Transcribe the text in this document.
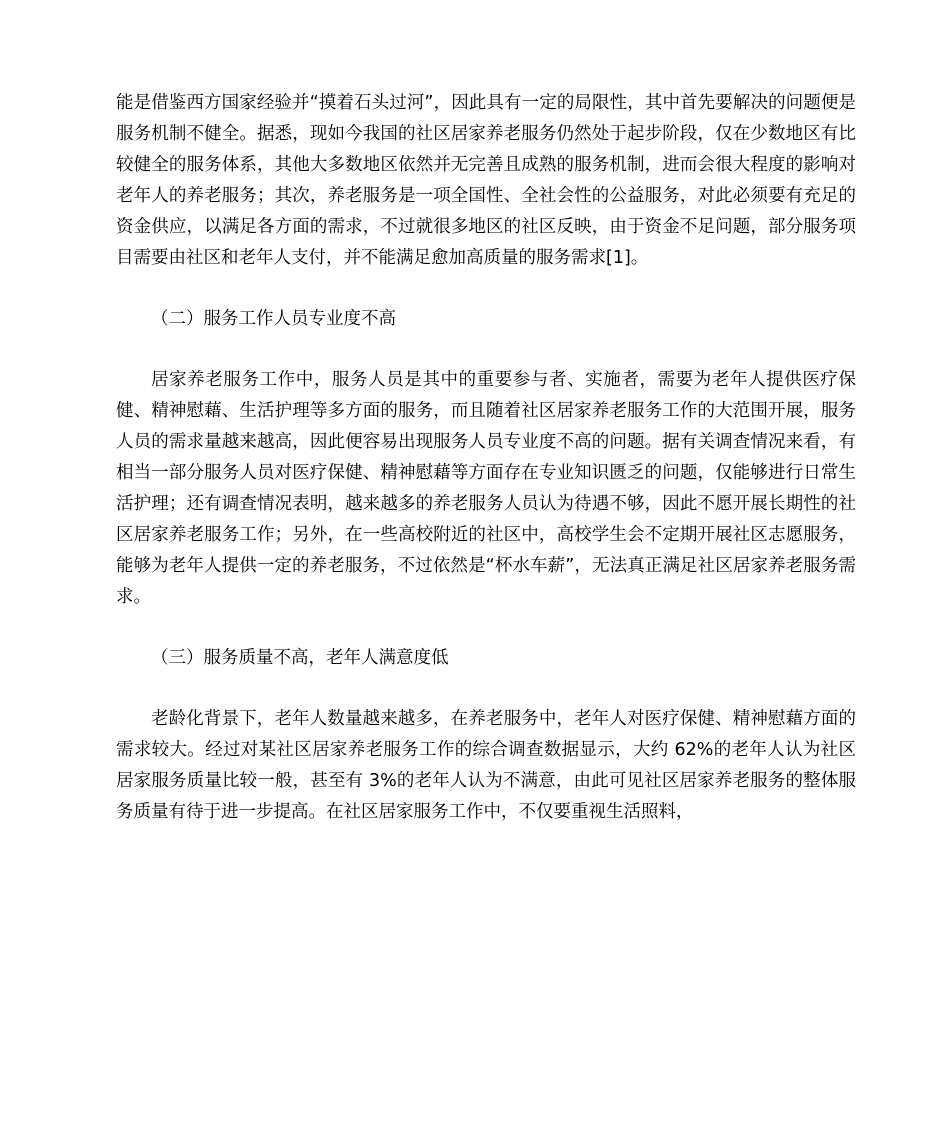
能是借鉴西方国家经验并“摸着石头过河”，因此具有一定的局限性，其中首先要解决的问题便是服务机制不健全。据悉，现如今我国的社区居家养老服务仍然处于起步阶段，仅在少数地区有比较健全的服务体系，其他大多数地区依然并无完善且成熟的服务机制，进而会很大程度的影响对老年人的养老服务；其次，养老服务是一项全国性、全社会性的公益服务，对此必须要有充足的资金供应，以满足各方面的需求，不过就很多地区的社区反映，由于资金不足问题，部分服务项目需要由社区和老年人支付，并不能满足愈加高质量的服务需求[1]。

（二）服务工作人员专业度不高

居家养老服务工作中，服务人员是其中的重要参与者、实施者，需要为老年人提供医疗保健、精神慰藉、生活护理等多方面的服务，而且随着社区居家养老服务工作的大范围开展，服务人员的需求量越来越高，因此便容易出现服务人员专业度不高的问题。据有关调查情况来看，有相当一部分服务人员对医疗保健、精神慰藉等方面存在专业知识匮乏的问题，仅能够进行日常生活护理；还有调查情况表明，越来越多的养老服务人员认为待遇不够，因此不愿开展长期性的社区居家养老服务工作；另外，在一些高校附近的社区中，高校学生会不定期开展社区志愿服务，能够为老年人提供一定的养老服务，不过依然是“杯水车薪”，无法真正满足社区居家养老服务需求。

（三）服务质量不高，老年人满意度低

老龄化背景下，老年人数量越来越多，在养老服务中，老年人对医疗保健、精神慰藉方面的需求较大。经过对某社区居家养老服务工作的综合调查数据显示，大约 62%的老年人认为社区居家服务质量比较一般，甚至有 3%的老年人认为不满意，由此可见社区居家养老服务的整体服务质量有待于进一步提高。在社区居家服务工作中，不仅要重视生活照料，
